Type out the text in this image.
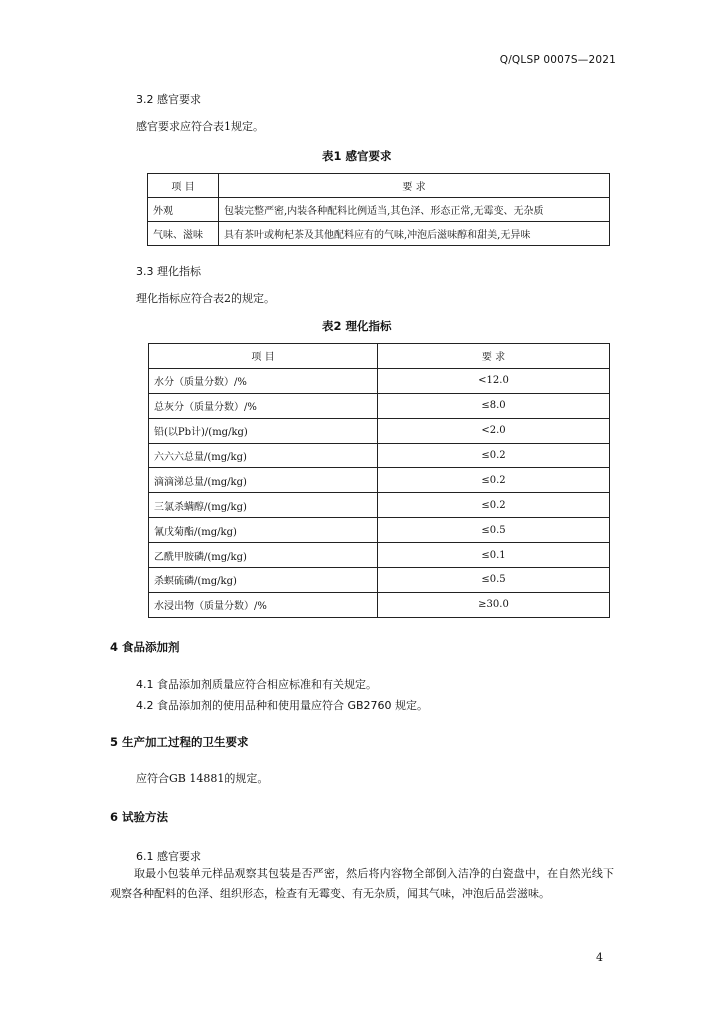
Q/QLSP 0007S—2021
3.2 感官要求
感官要求应符合表1规定。
表1 感官要求
项 目	要 求
外观	包装完整严密,内装各种配料比例适当,其色泽、形态正常,无霉变、无杂质
气味、滋味	具有茶叶或枸杞茶及其他配料应有的气味,冲泡后滋味醇和甜美,无异味
3.3 理化指标
理化指标应符合表2的规定。
表2 理化指标
项 目	要 求
水分（质量分数）/%	<12.0
总灰分（质量分数）/%	≤8.0
铅(以Pb计)/(mg/kg)	<2.0
六六六总量/(mg/kg)	≤0.2
滴滴涕总量/(mg/kg)	≤0.2
三氯杀螨醇/(mg/kg)	≤0.2
氰戊菊酯/(mg/kg)	≤0.5
乙酰甲胺磷/(mg/kg)	≤0.1
杀螟硫磷/(mg/kg)	≤0.5
水浸出物（质量分数）/%	≥30.0
4 食品添加剂
4.1 食品添加剂质量应符合相应标准和有关规定。
4.2 食品添加剂的使用品种和使用量应符合 GB2760 规定。
5 生产加工过程的卫生要求
应符合GB 14881的规定。
6 试验方法
6.1 感官要求
取最小包装单元样品观察其包装是否严密，然后将内容物全部倒入洁净的白瓷盘中，在自然光线下观察各种配料的色泽、组织形态，检查有无霉变、有无杂质，闻其气味，冲泡后品尝滋味。
4
